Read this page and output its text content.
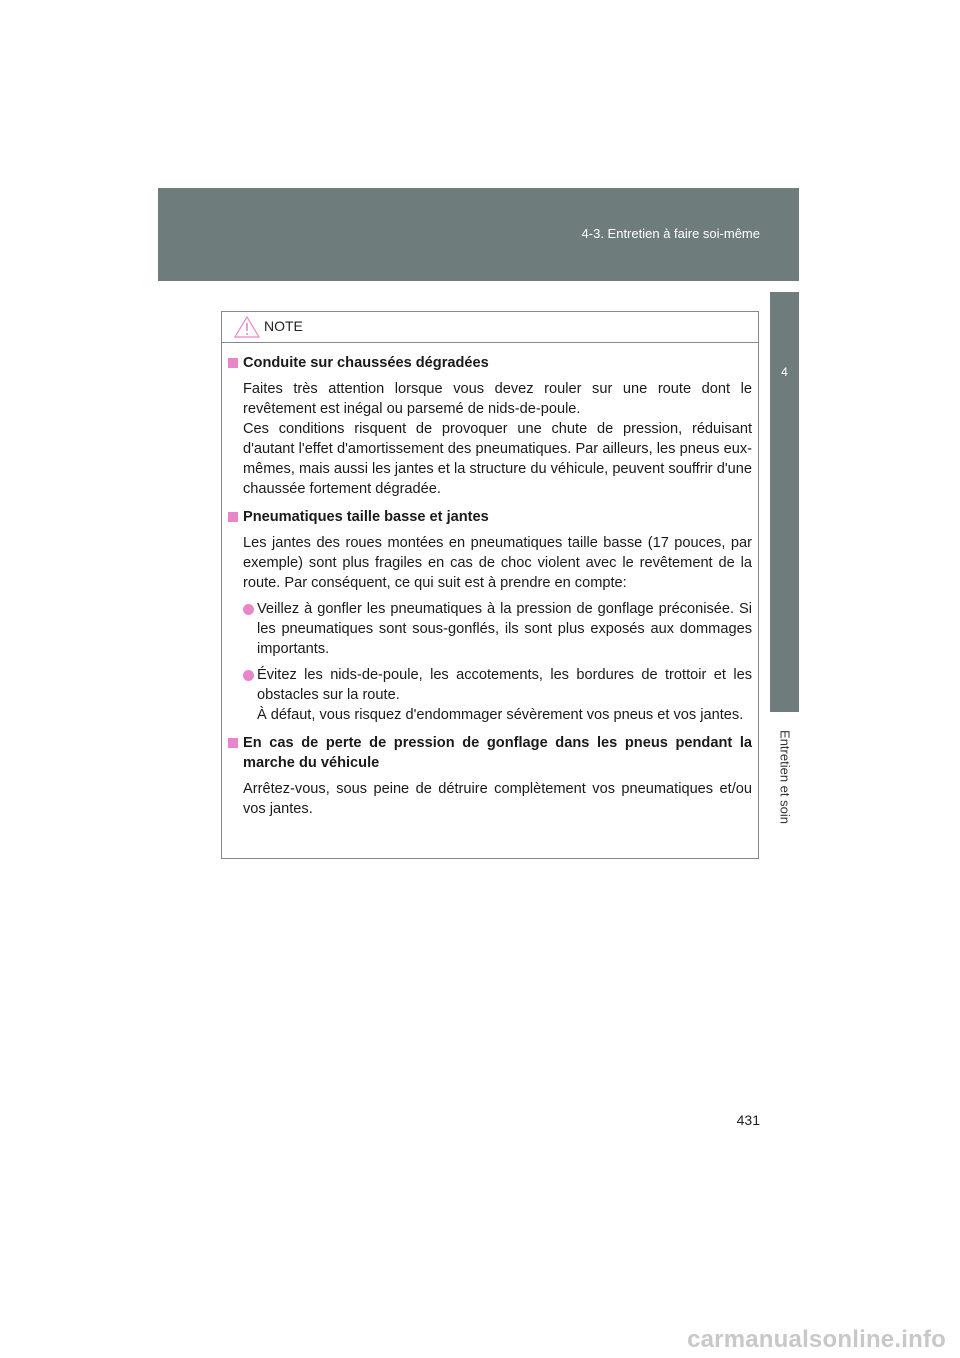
4-3. Entretien à faire soi-même
4
Entretien et soin
NOTE

Conduite sur chaussées dégradées

Faites très attention lorsque vous devez rouler sur une route dont le revêtement est inégal ou parsemé de nids-de-poule.
Ces conditions risquent de provoquer une chute de pression, réduisant d'autant l'effet d'amortissement des pneumatiques. Par ailleurs, les pneus eux-mêmes, mais aussi les jantes et la structure du véhicule, peuvent souffrir d'une chaussée fortement dégradée.

Pneumatiques taille basse et jantes

Les jantes des roues montées en pneumatiques taille basse (17 pouces, par exemple) sont plus fragiles en cas de choc violent avec le revêtement de la route. Par conséquent, ce qui suit est à prendre en compte:

Veillez à gonfler les pneumatiques à la pression de gonflage préconisée. Si les pneumatiques sont sous-gonflés, ils sont plus exposés aux dommages importants.
Évitez les nids-de-poule, les accotements, les bordures de trottoir et les obstacles sur la route.
À défaut, vous risquez d'endommager sévèrement vos pneus et vos jantes.

En cas de perte de pression de gonflage dans les pneus pendant la marche du véhicule

Arrêtez-vous, sous peine de détruire complètement vos pneumatiques et/ou vos jantes.

431
carmanualsonline.info
